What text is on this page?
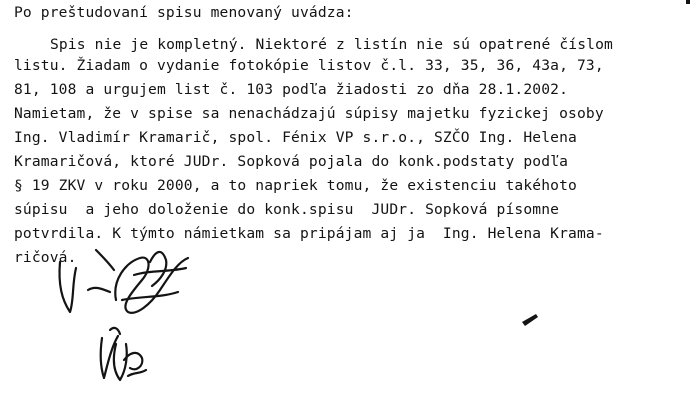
Po preštudovaní spisu menovaný uvádza:
Spis nie je kompletný. Niektoré z listín nie sú opatrené číslom
listu. Žiadam o vydanie fotokópie listov č.l. 33, 35, 36, 43a, 73,
81, 108 a urgujem list č. 103 podľa žiadosti zo dňa 28.1.2002.
Namietam, že v spise sa nenachádzajú súpisy majetku fyzickej osoby
Ing. Vladimír Kramarič, spol. Fénix VP s.r.o., SZČO Ing. Helena
Kramaričová, ktoré JUDr. Sopková pojala do konk.podstaty podľa
§ 19 ZKV v roku 2000, a to napriek tomu, že existenciu takéhoto
súpisu  a jeho doloženie do konk.spisu  JUDr. Sopková písomne
potvrdila. K týmto námietkam sa pripájam aj ja  Ing. Helena Krama-
ričová.
